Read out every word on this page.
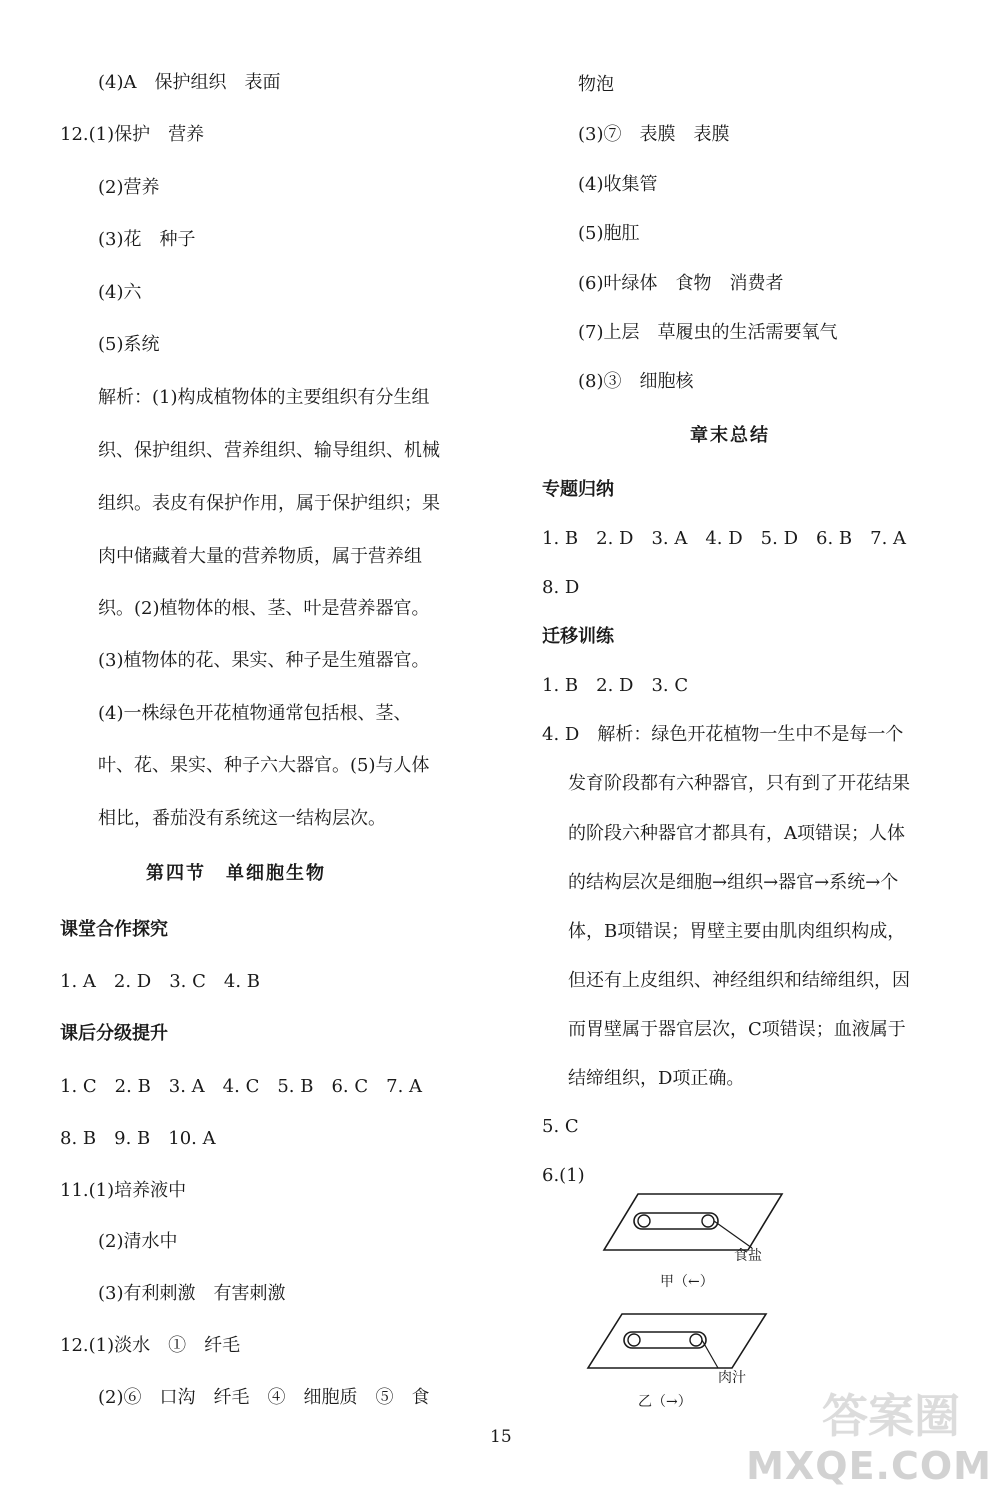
(4)A　保护组织　表面
12.(1)保护　营养
(2)营养
(3)花　种子
(4)六
(5)系统
解析：(1)构成植物体的主要组织有分生组
织、保护组织、营养组织、输导组织、机械
组织。表皮有保护作用，属于保护组织；果
肉中储藏着大量的营养物质，属于营养组
织。(2)植物体的根、茎、叶是营养器官。
(3)植物体的花、果实、种子是生殖器官。
(4)一株绿色开花植物通常包括根、茎、
叶、花、果实、种子六大器官。(5)与人体
相比，番茄没有系统这一结构层次。
第四节　单细胞生物
课堂合作探究
1. A　2. D　3. C　4. B
课后分级提升
1. C　2. B　3. A　4. C　5. B　6. C　7. A
8. B　9. B　10. A
11.(1)培养液中
(2)清水中
(3)有利刺激　有害刺激
12.(1)淡水　①　纤毛
(2)⑥　口沟　纤毛　④　细胞质　⑤　食
物泡
(3)⑦　表膜　表膜
(4)收集管
(5)胞肛
(6)叶绿体　食物　消费者
(7)上层　草履虫的生活需要氧气
(8)③　细胞核
章末总结
专题归纳
1. B　2. D　3. A　4. D　5. D　6. B　7. A
8. D
迁移训练
1. B　2. D　3. C
4. D　解析：绿色开花植物一生中不是每一个
发育阶段都有六种器官，只有到了开花结果
的阶段六种器官才都具有，A项错误；人体
的结构层次是细胞→组织→器官→系统→个
体，B项错误；胃壁主要由肌肉组织构成，
但还有上皮组织、神经组织和结缔组织，因
而胃壁属于器官层次，C项错误；血液属于
结缔组织，D项正确。
5. C
6.(1)
食盐
甲（←）
肉汁
乙（→）
15	答案圈
MXQE.COM
